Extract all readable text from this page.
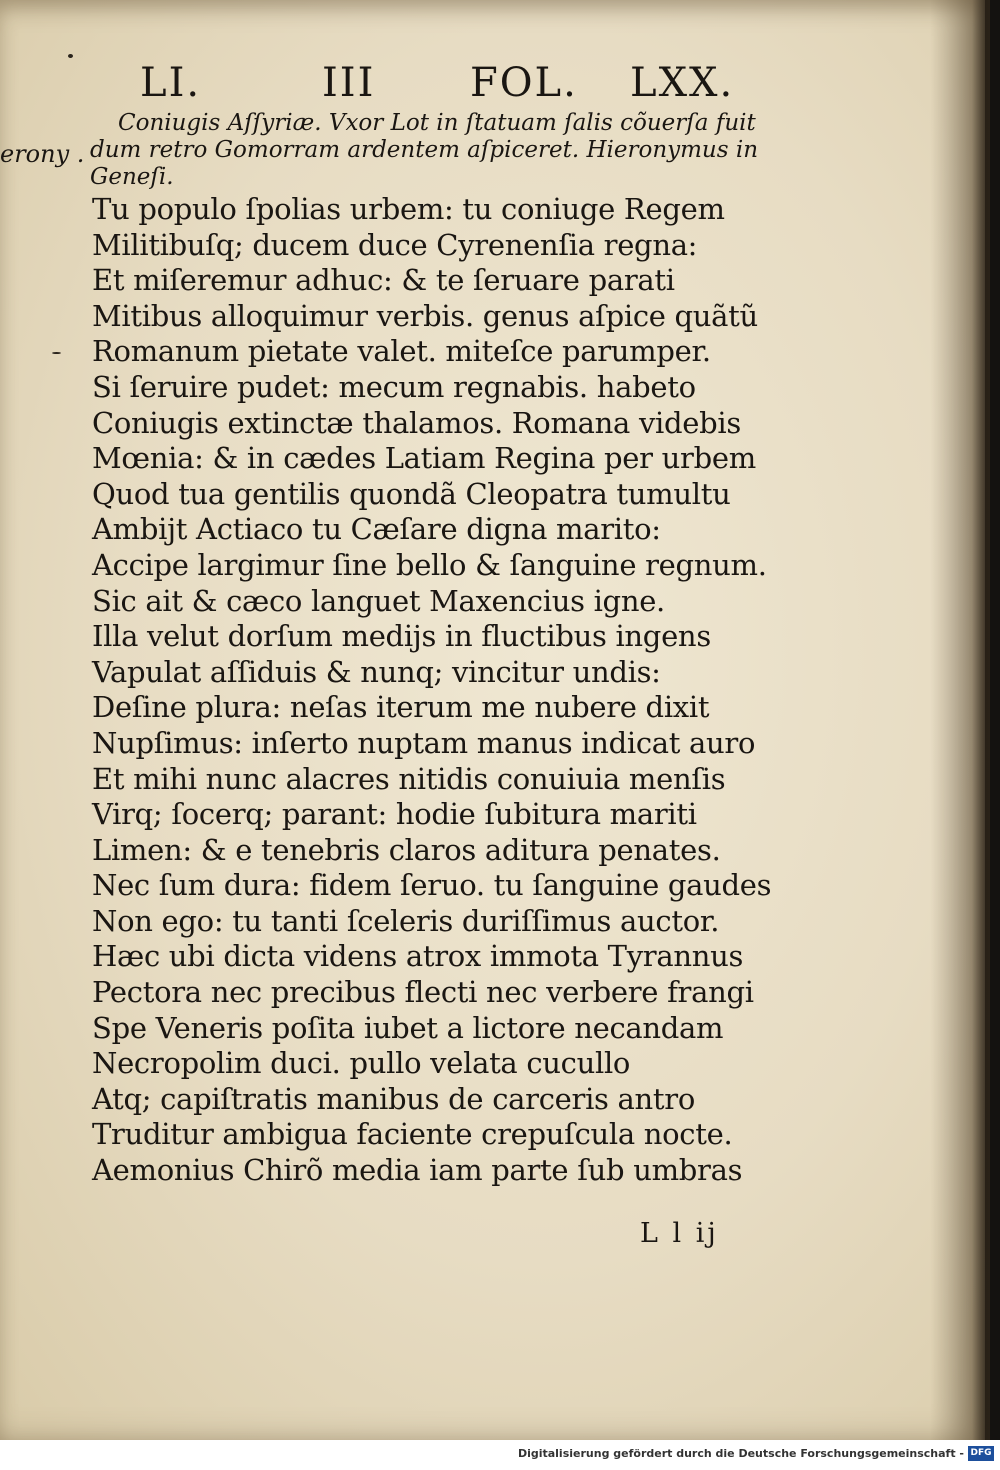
LI.	III FOL. LXX.
erony .
Coniugis Aſſyriæ. Vxor Lot in ſtatuam ſalis cõuerſa fuit
dum retro Gomorram ardentem aſpiceret. Hieronymus in
Geneſi.
Tu populo ſpolias urbem: tu coniuge Regem
Militibuſq; ducem duce Cyrenenſia regna:
Et miſeremur adhuc: & te ſeruare parati
Mitibus alloquimur verbis. genus aſpice quãtũ
Romanum pietate valet. miteſce parumper.
Si ſeruire pudet: mecum regnabis. habeto
Coniugis extinctæ thalamos. Romana videbis
Mœnia: & in cædes Latiam Regina per urbem
Quod tua gentilis quondã Cleopatra tumultu
Ambijt Actiaco tu Cæſare digna marito:
Accipe largimur ſine bello & ſanguine regnum.
Sic ait & cæco languet Maxencius igne.
Illa velut dorſum medijs in fluctibus ingens
Vapulat aſſiduis & nunq; vincitur undis:
Deſine plura: neſas iterum me nubere dixit
Nupſimus: inſerto nuptam manus indicat auro
Et mihi nunc alacres nitidis conuiuia menſis
Virq; ſocerq; parant: hodie ſubitura mariti
Limen: & e tenebris claros aditura penates.
Nec ſum dura: fidem ſeruo. tu ſanguine gaudes
Non ego: tu tanti ſceleris duriſſimus auctor.
Hæc ubi dicta videns atrox immota Tyrannus
Pectora nec precibus flecti nec verbere frangi
Spe Veneris poſita iubet a lictore necandam
Necropolim duci. pullo velata cucullo
Atq; capiſtratis manibus de carceris antro
Truditur ambigua faciente crepuſcula nocte.
Aemonius Chirõ media iam parte ſub umbras
L l ij
Digitalisierung gefördert durch die Deutsche Forschungsgemeinschaft - DFG
